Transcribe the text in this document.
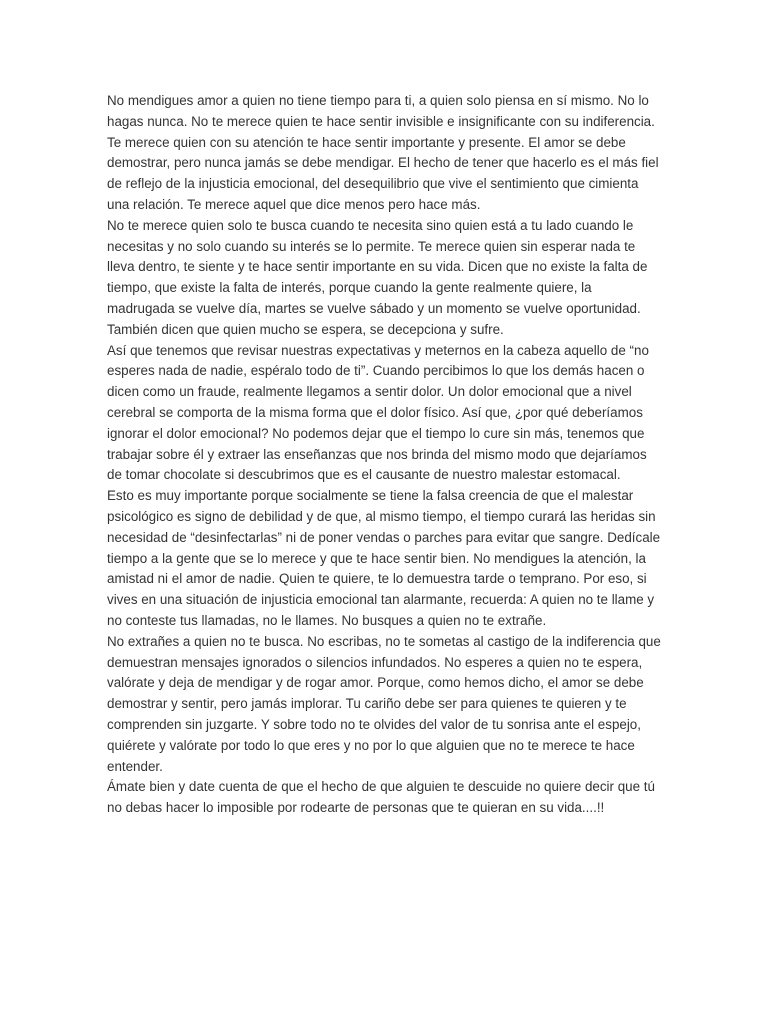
No mendigues amor a quien no tiene tiempo para ti, a quien solo piensa en sí mismo. No lo hagas nunca. No te merece quien te hace sentir invisible e insignificante con su indiferencia. Te merece quien con su atención te hace sentir importante y presente. El amor se debe demostrar, pero nunca jamás se debe mendigar. El hecho de tener que hacerlo es el más fiel de reflejo de la injusticia emocional, del desequilibrio que vive el sentimiento que cimienta una relación. Te merece aquel que dice menos pero hace más.

No te merece quien solo te busca cuando te necesita sino quien está a tu lado cuando le necesitas y no solo cuando su interés se lo permite. Te merece quien sin esperar nada te lleva dentro, te siente y te hace sentir importante en su vida. Dicen que no existe la falta de tiempo, que existe la falta de interés, porque cuando la gente realmente quiere, la madrugada se vuelve día, martes se vuelve sábado y un momento se vuelve oportunidad. También dicen que quien mucho se espera, se decepciona y sufre.

Así que tenemos que revisar nuestras expectativas y meternos en la cabeza aquello de “no esperes nada de nadie, espéralo todo de ti”. Cuando percibimos lo que los demás hacen o dicen como un fraude, realmente llegamos a sentir dolor. Un dolor emocional que a nivel cerebral se comporta de la misma forma que el dolor físico. Así que, ¿por qué deberíamos ignorar el dolor emocional? No podemos dejar que el tiempo lo cure sin más, tenemos que trabajar sobre él y extraer las enseñanzas que nos brinda del mismo modo que dejaríamos de tomar chocolate si descubrimos que es el causante de nuestro malestar estomacal.

Esto es muy importante porque socialmente se tiene la falsa creencia de que el malestar psicológico es signo de debilidad y de que, al mismo tiempo, el tiempo curará las heridas sin necesidad de “desinfectarlas” ni de poner vendas o parches para evitar que sangre. Dedícale tiempo a la gente que se lo merece y que te hace sentir bien. No mendigues la atención, la amistad ni el amor de nadie. Quien te quiere, te lo demuestra tarde o temprano. Por eso, si vives en una situación de injusticia emocional tan alarmante, recuerda: A quien no te llame y no conteste tus llamadas, no le llames. No busques a quien no te extrañe.

No extrañes a quien no te busca. No escribas, no te sometas al castigo de la indiferencia que demuestran mensajes ignorados o silencios infundados. No esperes a quien no te espera, valórate y deja de mendigar y de rogar amor. Porque, como hemos dicho, el amor se debe demostrar y sentir, pero jamás implorar. Tu cariño debe ser para quienes te quieren y te comprenden sin juzgarte. Y sobre todo no te olvides del valor de tu sonrisa ante el espejo, quiérete y valórate por todo lo que eres y no por lo que alguien que no te merece te hace entender.

Ámate bien y date cuenta de que el hecho de que alguien te descuide no quiere decir que tú no debas hacer lo imposible por rodearte de personas que te quieran en su vida....!!
